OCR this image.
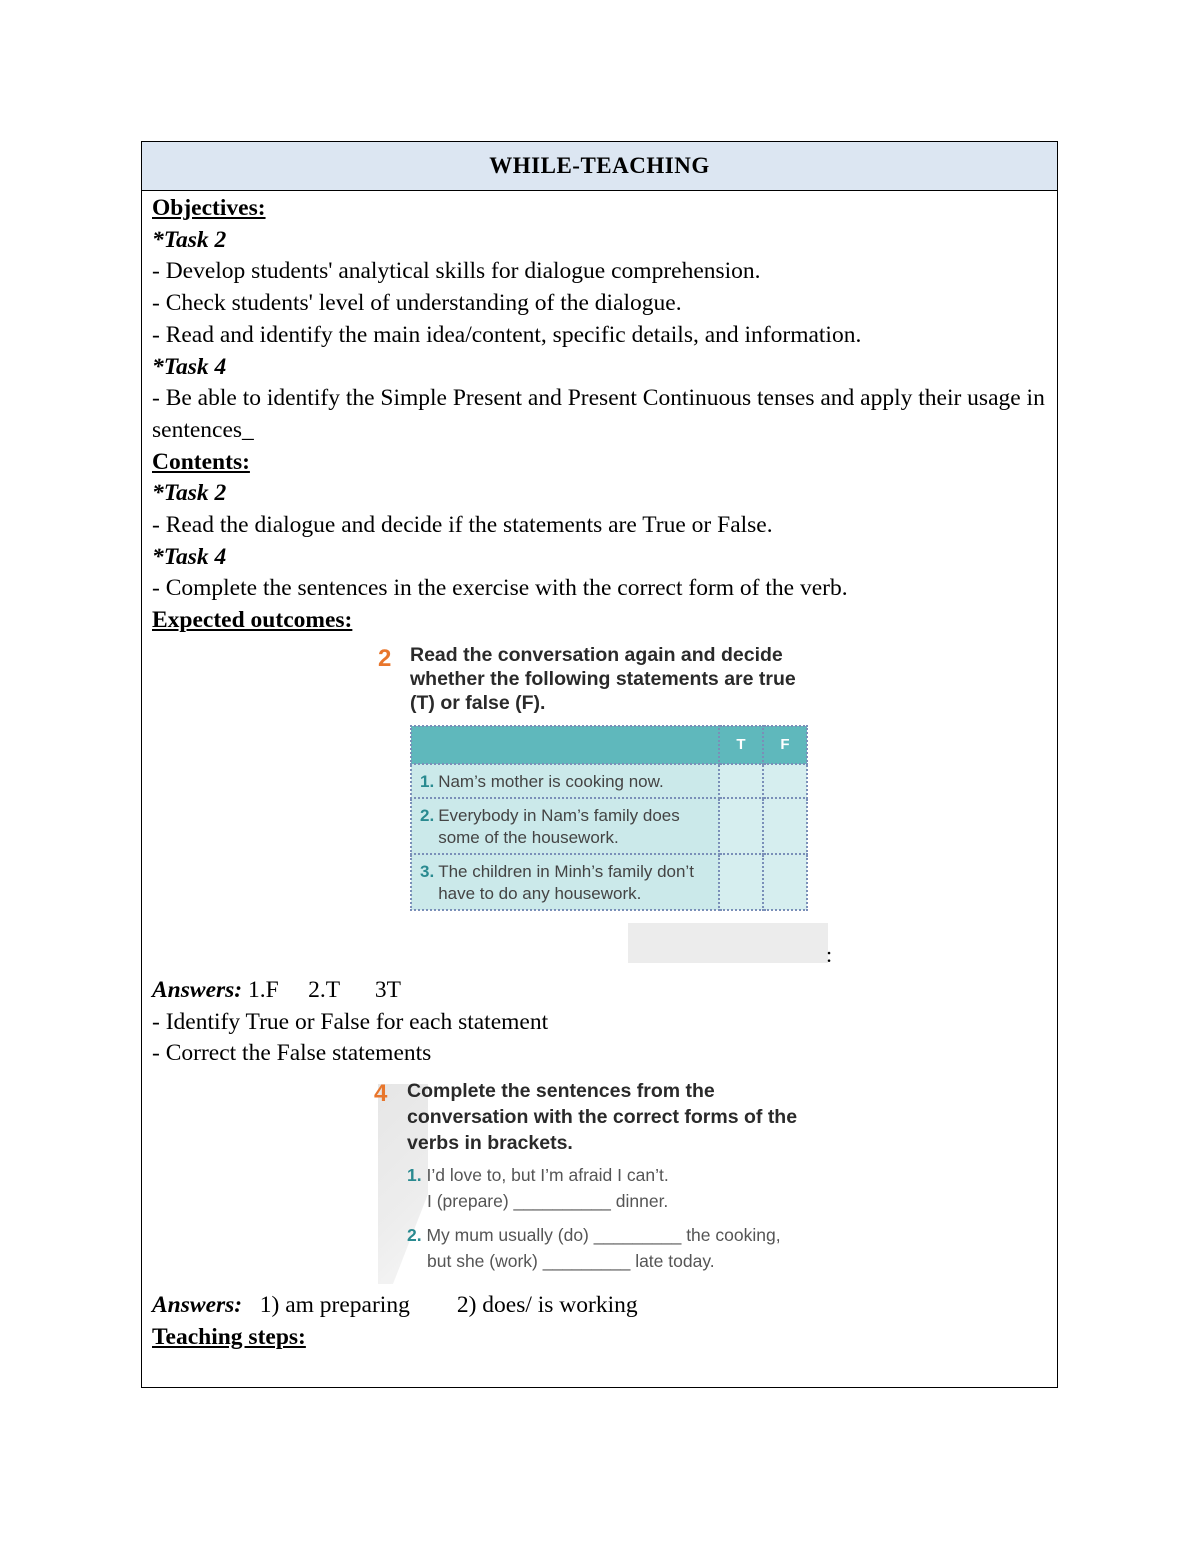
WHILE-TEACHING
Objectives:
*Task 2
- Develop students' analytical skills for dialogue comprehension.
- Check students' level of understanding of the dialogue.
- Read and identify the main idea/content, specific details, and information.
*Task 4
- Be able to identify the Simple Present and Present Continuous tenses and apply their usage in sentences_
Contents:
*Task 2
- Read the dialogue and decide if the statements are True or False.
*Task 4
- Complete the sentences in the exercise with the correct form of the verb.
Expected outcomes:
2 Read the conversation again and decide whether the following statements are true (T) or false (F).
	T	F

1. Nam’s mother is cooking now.		

2. Everybody in Nam’s family does some of the housework.		

3. The children in Minh’s family don’t have to do any housework.		

:
Answers: 1.F     2.T      3T
- Identify True or False for each statement
- Correct the False statements
4 Complete the sentences from the conversation with the correct forms of the verbs in brackets.
1. I’d love to, but I’m afraid I can’t.
I (prepare) __________ dinner.
2. My mum usually (do) _________ the cooking,
but she (work) _________ late today.
Answers:   1) am preparing        2) does/ is working
Teaching steps:
